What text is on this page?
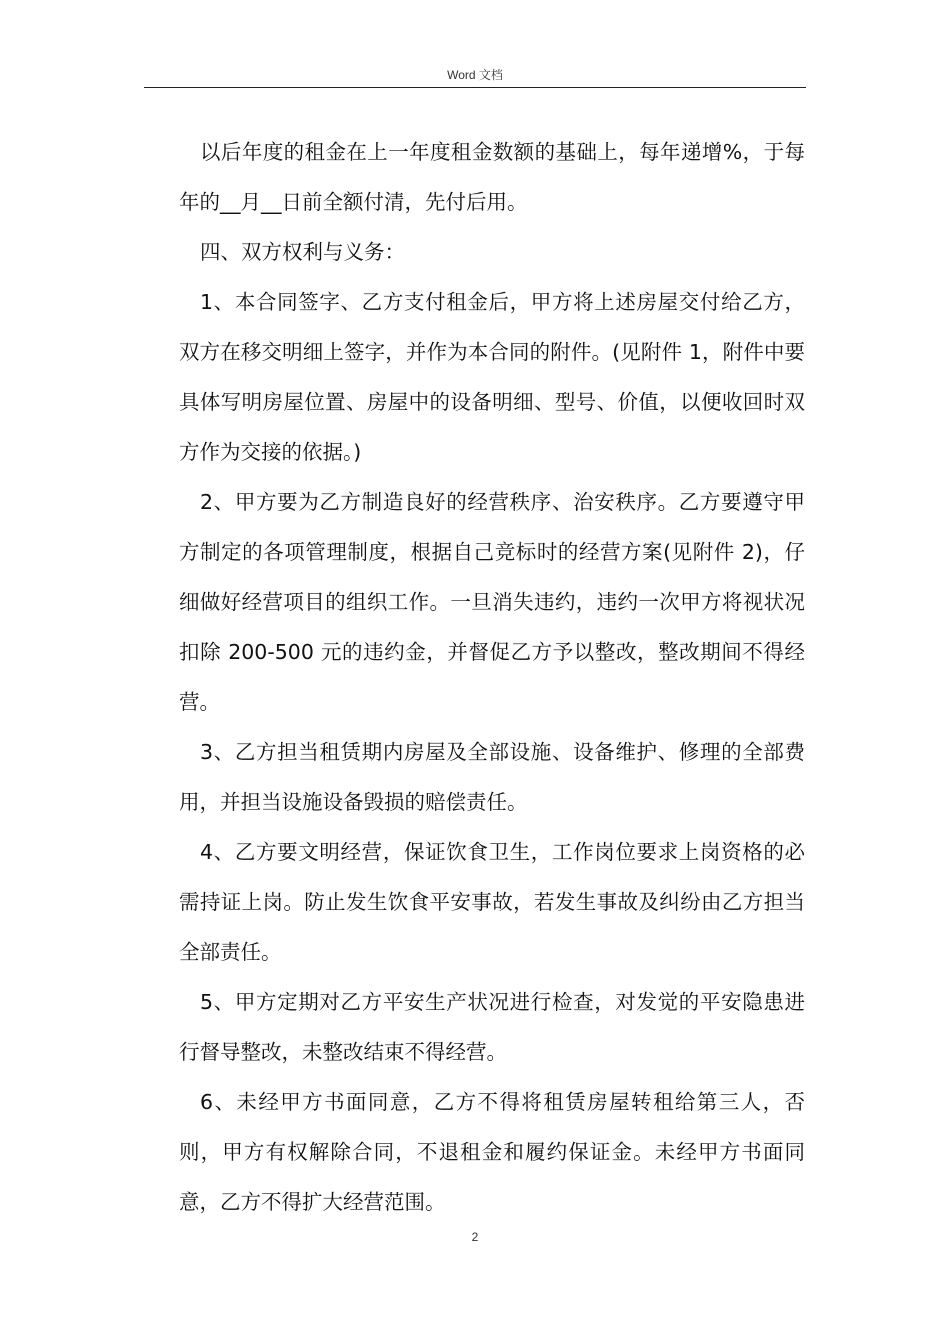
Word 文档

以后年度的租金在上一年度租金数额的基础上，每年递增%，于每年的__月__日前全额付清，先付后用。

四、双方权利与义务：

1、本合同签字、乙方支付租金后，甲方将上述房屋交付给乙方，双方在移交明细上签字，并作为本合同的附件。(见附件 1，附件中要具体写明房屋位置、房屋中的设备明细、型号、价值，以便收回时双方作为交接的依据。)

2、甲方要为乙方制造良好的经营秩序、治安秩序。乙方要遵守甲方制定的各项管理制度，根据自己竞标时的经营方案(见附件 2)，仔细做好经营项目的组织工作。一旦消失违约，违约一次甲方将视状况扣除 200-500 元的违约金，并督促乙方予以整改，整改期间不得经营。

3、乙方担当租赁期内房屋及全部设施、设备维护、修理的全部费用，并担当设施设备毁损的赔偿责任。

4、乙方要文明经营，保证饮食卫生，工作岗位要求上岗资格的必需持证上岗。防止发生饮食平安事故，若发生事故及纠纷由乙方担当全部责任。

5、甲方定期对乙方平安生产状况进行检查，对发觉的平安隐患进行督导整改，未整改结束不得经营。

6、未经甲方书面同意，乙方不得将租赁房屋转租给第三人，否则，甲方有权解除合同，不退租金和履约保证金。未经甲方书面同意，乙方不得扩大经营范围。

2
